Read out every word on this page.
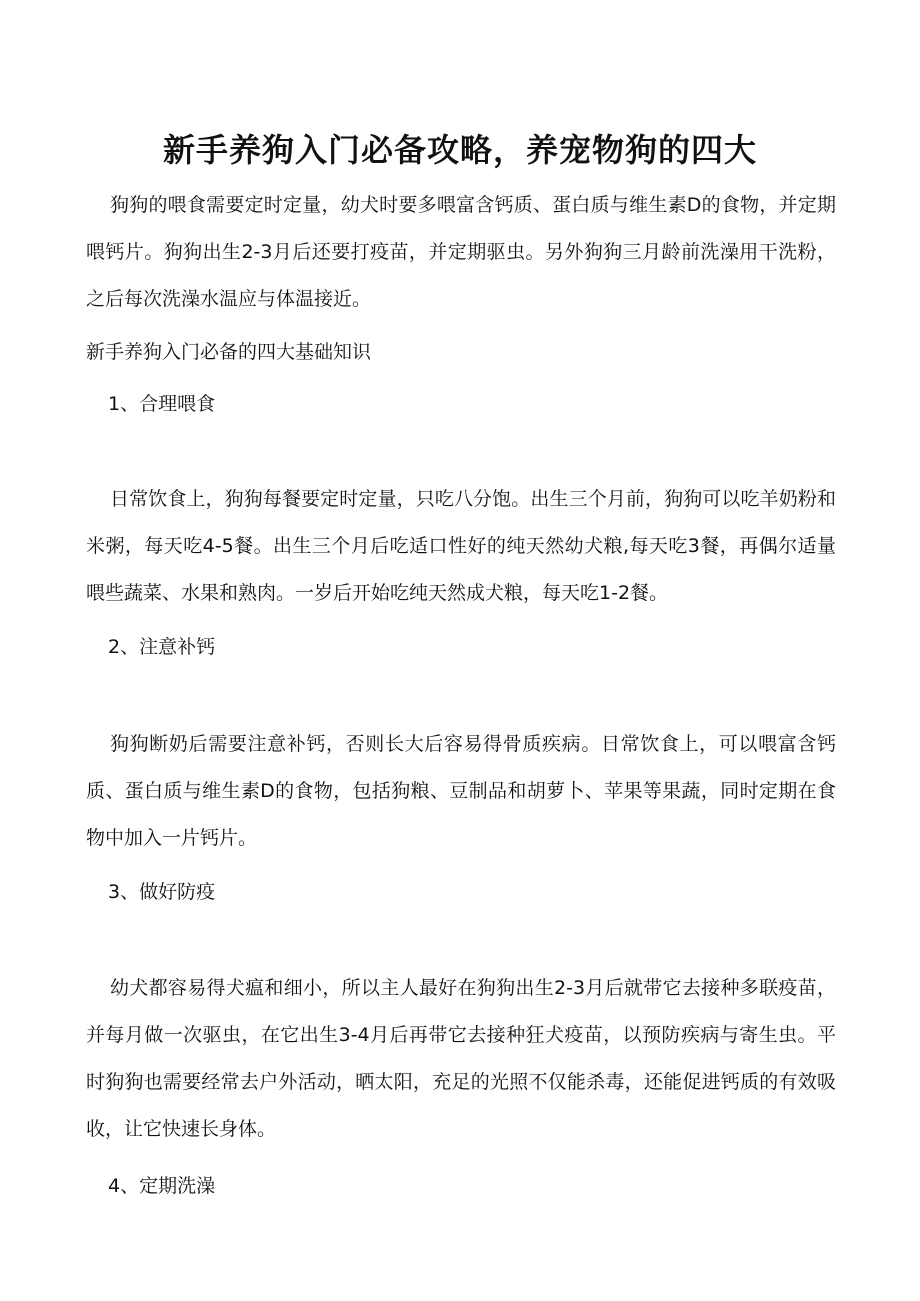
新手养狗入门必备攻略，养宠物狗的四大

狗狗的喂食需要定时定量，幼犬时要多喂富含钙质、蛋白质与维生素D的食物，并定期喂钙片。狗狗出生2-3月后还要打疫苗，并定期驱虫。另外狗狗三月龄前洗澡用干洗粉，之后每次洗澡水温应与体温接近。

新手养狗入门必备的四大基础知识
1、合理喂食

日常饮食上，狗狗每餐要定时定量，只吃八分饱。出生三个月前，狗狗可以吃羊奶粉和米粥，每天吃4-5餐。出生三个月后吃适口性好的纯天然幼犬粮,每天吃3餐，再偶尔适量喂些蔬菜、水果和熟肉。一岁后开始吃纯天然成犬粮，每天吃1-2餐。

2、注意补钙

狗狗断奶后需要注意补钙，否则长大后容易得骨质疾病。日常饮食上，可以喂富含钙质、蛋白质与维生素D的食物，包括狗粮、豆制品和胡萝卜、苹果等果蔬，同时定期在食物中加入一片钙片。

3、做好防疫

幼犬都容易得犬瘟和细小，所以主人最好在狗狗出生2-3月后就带它去接种多联疫苗，并每月做一次驱虫，在它出生3-4月后再带它去接种狂犬疫苗，以预防疾病与寄生虫。平时狗狗也需要经常去户外活动，晒太阳，充足的光照不仅能杀毒，还能促进钙质的有效吸收，让它快速长身体。

4、定期洗澡
